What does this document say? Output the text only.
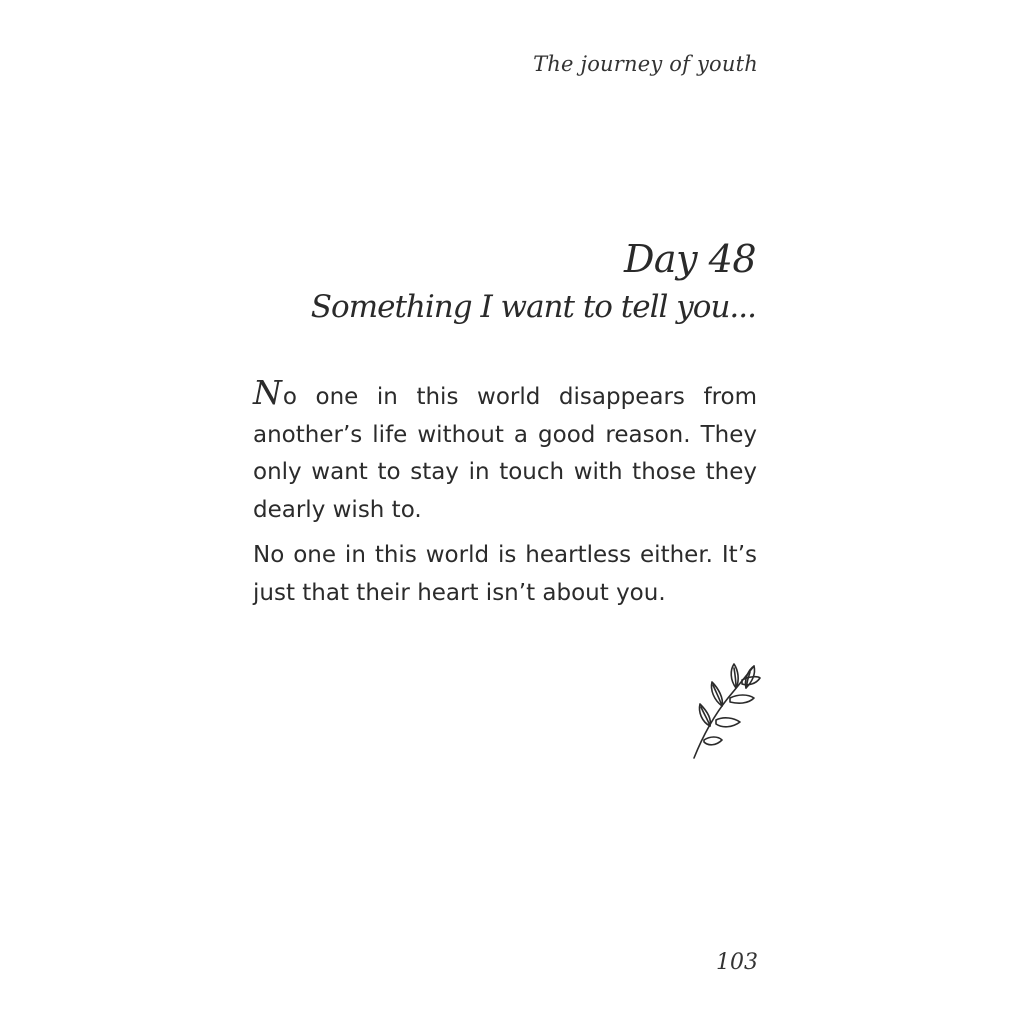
The journey of youth
Day 48
Something I want to tell you...

No one in this world disappears from another’s life without a good reason. They only want to stay in touch with those they dearly wish to.

No one in this world is heartless either. It’s just that their heart isn’t about you.

103
